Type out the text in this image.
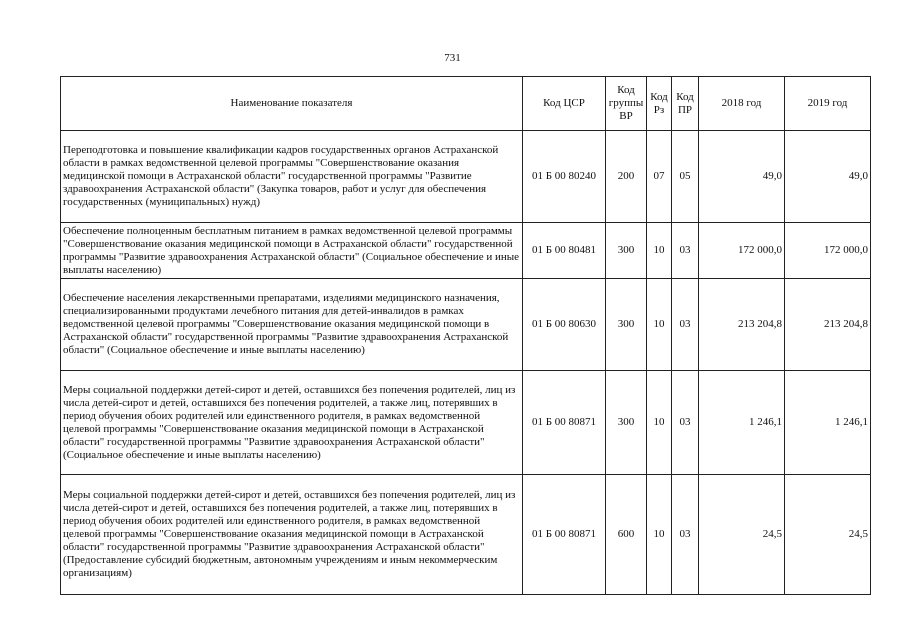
731
Наименование показателя	Код ЦСР	Код группы ВР	Код Рз	Код ПР	2018 год	2019 год
Переподготовка и повышение квалификации кадров государственных органов Астраханской области в рамках ведомственной целевой программы "Совершенствование оказания медицинской помощи в Астраханской области" государственной программы "Развитие здравоохранения Астраханской области" (Закупка товаров, работ и услуг для обеспечения государственных (муниципальных) нужд)	01 Б 00 80240	200	07	05	49,0	49,0
Обеспечение полноценным бесплатным питанием в рамках ведомственной целевой программы "Совершенствование оказания медицинской помощи в Астраханской области" государственной программы "Развитие здравоохранения Астраханской области" (Социальное обеспечение и иные выплаты населению)	01 Б 00 80481	300	10	03	172 000,0	172 000,0
Обеспечение населения лекарственными препаратами, изделиями медицинского назначения, специализированными продуктами лечебного питания для детей-инвалидов в рамках ведомственной целевой программы "Совершенствование оказания медицинской помощи в Астраханской области" государственной программы "Развитие здравоохранения Астраханской области" (Социальное обеспечение и иные выплаты населению)	01 Б 00 80630	300	10	03	213 204,8	213 204,8
Меры социальной поддержки детей-сирот и детей, оставшихся без попечения родителей, лиц из числа детей-сирот и детей, оставшихся без попечения родителей, а также лиц, потерявших в период обучения обоих родителей или единственного родителя, в рамках ведомственной целевой программы "Совершенствование оказания медицинской помощи в Астраханской области" государственной программы "Развитие здравоохранения Астраханской области" (Социальное обеспечение и иные выплаты населению)	01 Б 00 80871	300	10	03	1 246,1	1 246,1
Меры социальной поддержки детей-сирот и детей, оставшихся без попечения родителей, лиц из числа детей-сирот и детей, оставшихся без попечения родителей, а также лиц, потерявших в период обучения обоих родителей или единственного родителя, в рамках ведомственной целевой программы "Совершенствование оказания медицинской помощи в Астраханской области" государственной программы "Развитие здравоохранения Астраханской области" (Предоставление субсидий бюджетным, автономным учреждениям и иным некоммерческим организациям)	01 Б 00 80871	600	10	03	24,5	24,5
